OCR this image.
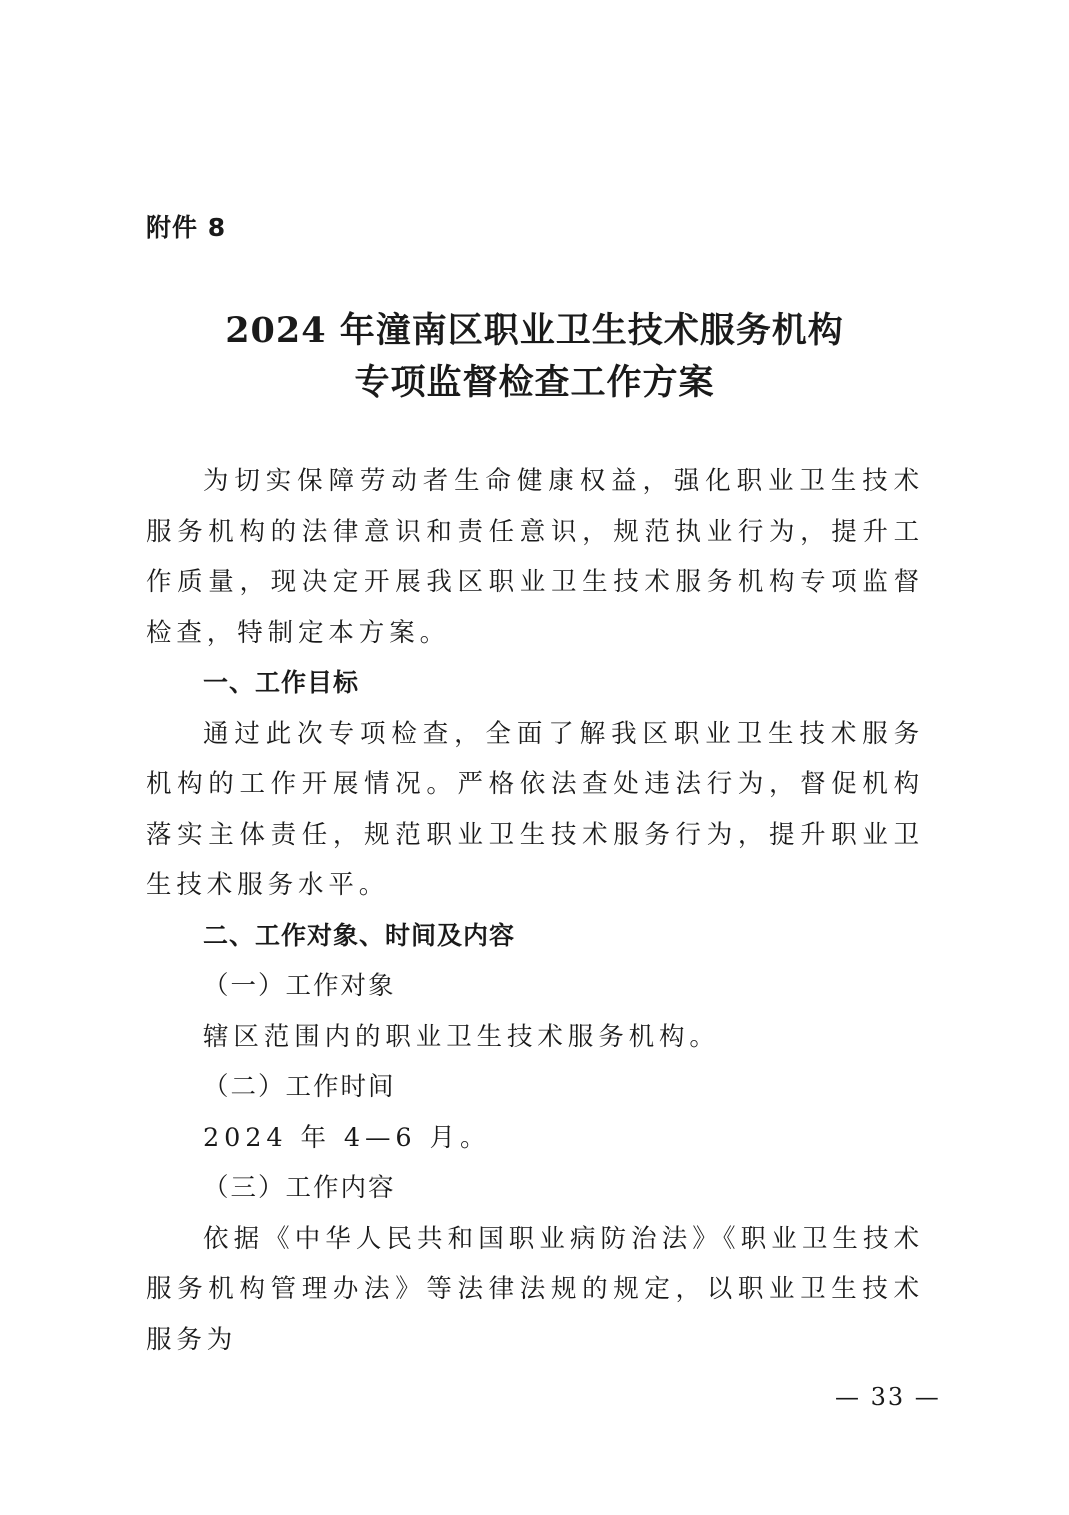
附件 8
2024 年潼南区职业卫生技术服务机构
专项监督检查工作方案

为切实保障劳动者生命健康权益，强化职业卫生技术服务机构的法律意识和责任意识，规范执业行为，提升工作质量，现决定开展我区职业卫生技术服务机构专项监督检查，特制定本方案。

一、工作目标

通过此次专项检查，全面了解我区职业卫生技术服务机构的工作开展情况。严格依法查处违法行为，督促机构落实主体责任，规范职业卫生技术服务行为，提升职业卫生技术服务水平。

二、工作对象、时间及内容

（一）工作对象

辖区范围内的职业卫生技术服务机构。

（二）工作时间

2024 年 4—6 月。

（三）工作内容

依据《中华人民共和国职业病防治法》《职业卫生技术服务机构管理办法》等法律法规的规定，以职业卫生技术服务为

— 33 —
